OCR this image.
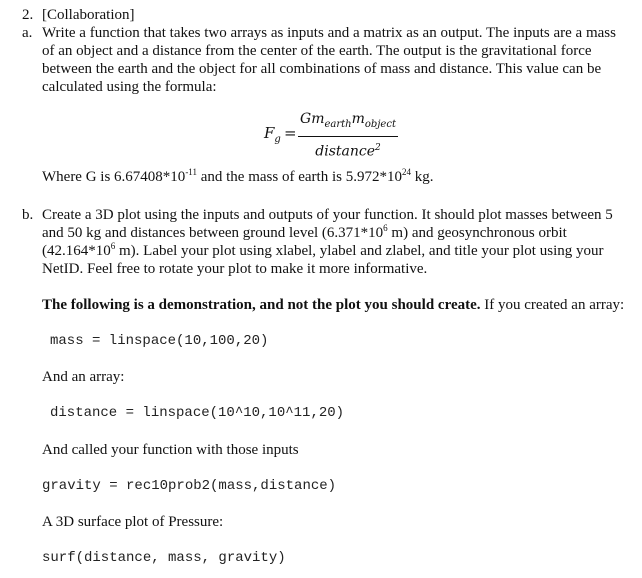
2. [Collaboration]
a. Write a function that takes two arrays as inputs and a matrix as an output. The inputs are a mass of an object and a distance from the center of the earth. The output is the gravitational force between the earth and the object for all combinations of mass and distance. This value can be calculated using the formula:
$F_g$ =
$Gm_{earth}m_{object}$
distance$^2$
Where G is $6.67408*10^{-11}$ and the mass of earth is $5.972*10^{24}$ kg.
b. Create a 3D plot using the inputs and outputs of your function. It should plot masses between 5 and 50 kg and distances between ground level ($6.371*10^6$ m) and geosynchronous orbit ($42.164*10^6$ m). Label your plot using xlabel, ylabel and zlabel, and title your plot using your NetID. Feel free to rotate your plot to make it more informative.
The following is a demonstration, and not the plot you should create. If you created an array:
mass = linspace(10,100,20)
And an array:
distance = linspace(10^10,10^11,20)
And called your function with those inputs
gravity = rec10prob2(mass,distance)
A 3D surface plot of Pressure:
surf(distance, mass, gravity)
